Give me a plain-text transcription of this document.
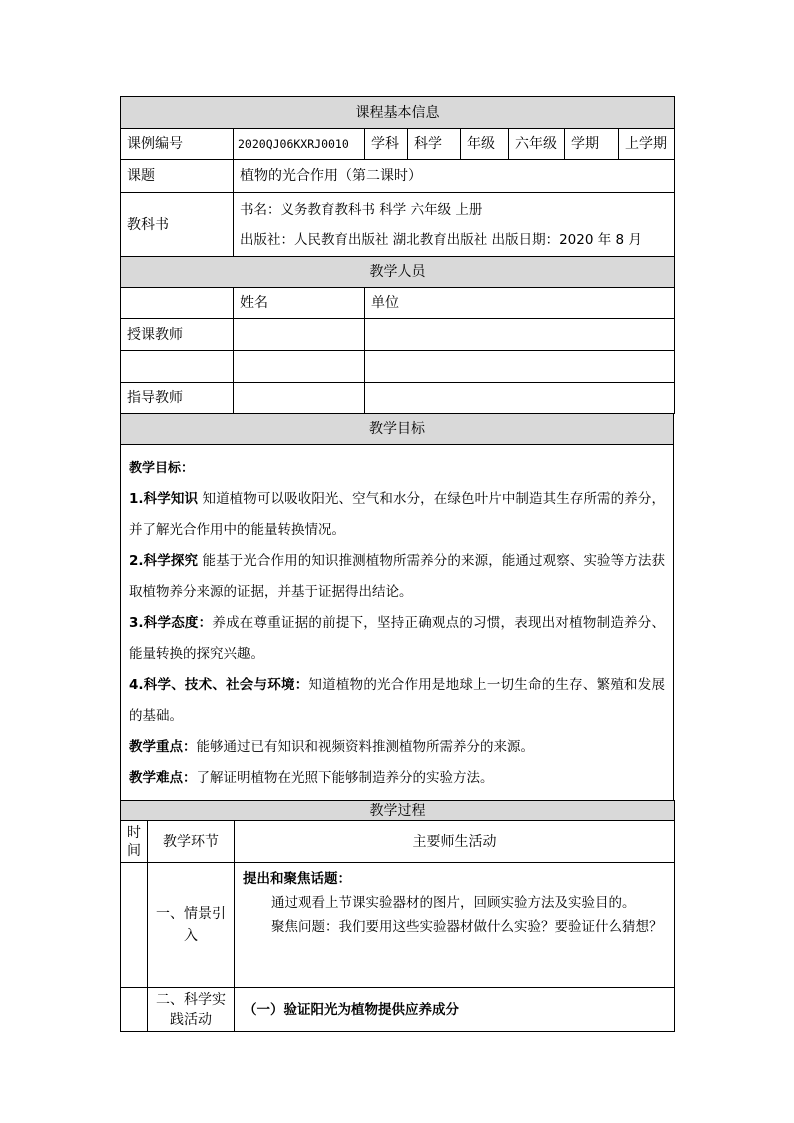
课程基本信息							
课例编号	2020QJ06KXRJ0010	学科	科学	年级	六年级	学期	上学期
课题	植物的光合作用（第二课时）						
教科书	书名：义务教育教科书 科学 六年级 上册

出版社：人民教育出版社 湖北教育出版社 出版日期：2020 年 8 月						

教学人员		
	姓名	单位
授课教师		

指导教师		
教学目标

教学目标：

1.科学知识 知道植物可以吸收阳光、空气和水分，在绿色叶片中制造其生存所需的养分，并了解光合作用中的能量转换情况。

2.科学探究 能基于光合作用的知识推测植物所需养分的来源，能通过观察、实验等方法获取植物养分来源的证据，并基于证据得出结论。

3.科学态度：养成在尊重证据的前提下，坚持正确观点的习惯，表现出对植物制造养分、能量转换的探究兴趣。

4.科学、技术、社会与环境：知道植物的光合作用是地球上一切生命的生存、繁殖和发展的基础。

教学重点：能够通过已有知识和视频资料推测植物所需养分的来源。

教学难点：了解证明植物在光照下能够制造养分的实验方法。

教学过程		
时间	教学环节	主要师生活动
	一、情景引入	提出和聚焦话题：

通过观看上节课实验器材的图片，回顾实验方法及实验目的。

聚焦问题：我们要用这些实验器材做什么实验？要验证什么猜想？

	二、科学实践活动	（一）验证阳光为植物提供应养成分
